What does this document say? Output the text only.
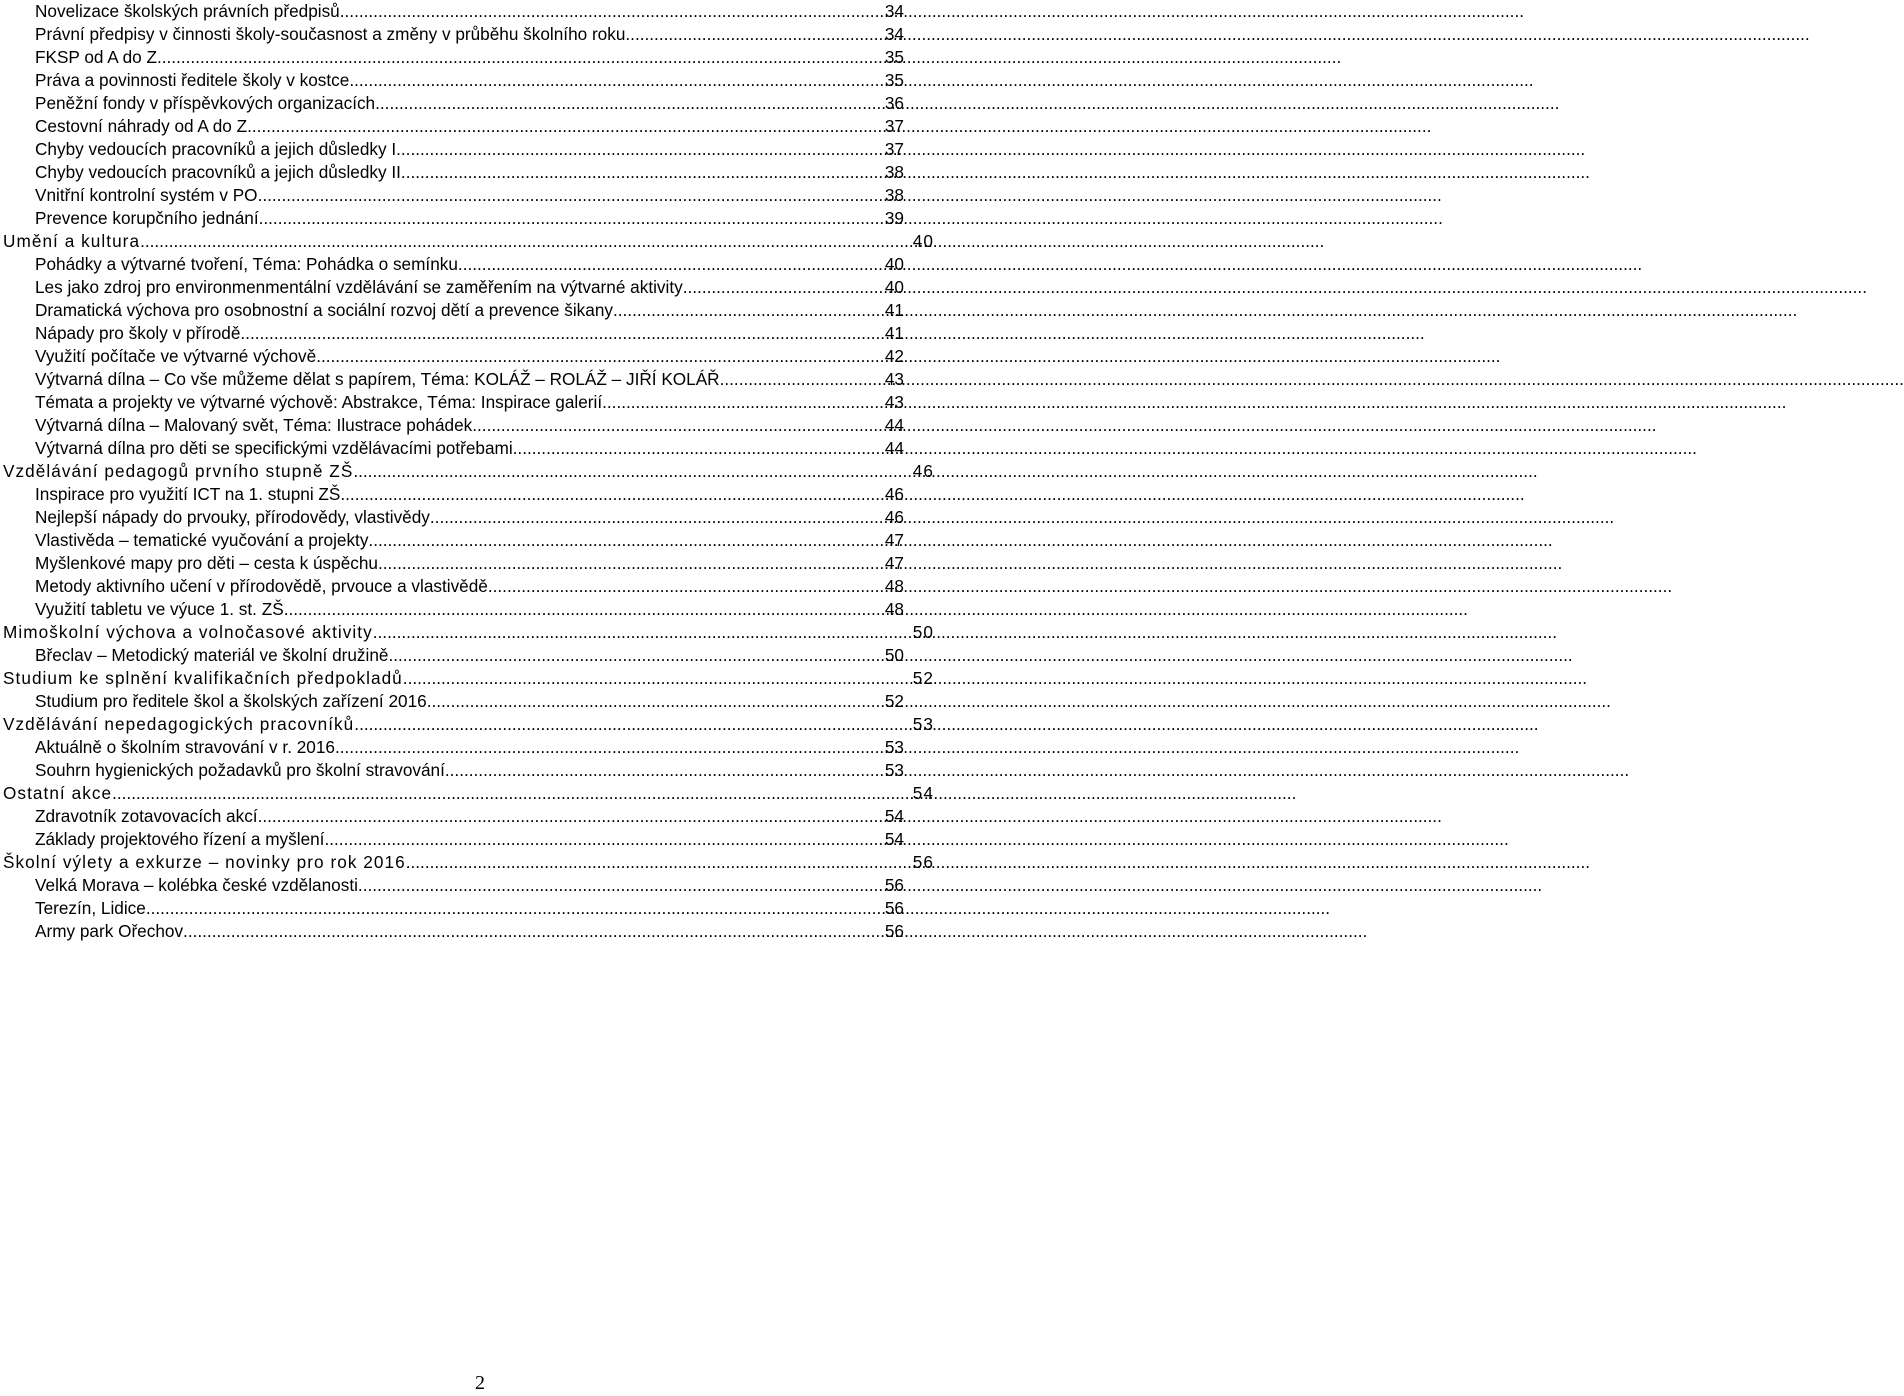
Novelizace školských právních předpisů .....	34
Právní předpisy v činnosti školy-současnost a změny v průběhu školního roku .....	34
FKSP od A do Z .....	35
Práva a povinnosti ředitele školy v kostce .....	35
Peněžní fondy v příspěvkových organizacích .....	36
Cestovní náhrady od A do Z .....	37
Chyby vedoucích pracovníků a jejich důsledky I. .....	37
Chyby vedoucích pracovníků a jejich důsledky II. .....	38
Vnitřní kontrolní systém v PO .....	38
Prevence korupčního jednání .....	39
Umění a kultura .....	40
Pohádky a výtvarné tvoření, Téma: Pohádka o semínku .....	40
Les jako zdroj pro environmenmentální vzdělávání se zaměřením na výtvarné aktivity .....	40
Dramatická výchova pro osobnostní a sociální rozvoj dětí a prevence šikany .....	41
Nápady pro školy v přírodě .....	41
Využití počítače ve výtvarné výchově .....	42
Výtvarná dílna – Co vše můžeme dělat s papírem, Téma: KOLÁŽ – ROLÁŽ – JIŘÍ KOLÁŘ .....	43
Témata a projekty ve výtvarné výchově: Abstrakce, Téma: Inspirace galerií .....	43
Výtvarná dílna – Malovaný svět, Téma: Ilustrace pohádek .....	44
Výtvarná dílna pro děti se specifickými vzdělávacími potřebami .....	44
Vzdělávání pedagogů prvního stupně ZŠ .....	46
Inspirace pro využití ICT na 1. stupni ZŠ .....	46
Nejlepší nápady do prvouky, přírodovědy, vlastivědy .....	46
Vlastivěda – tematické vyučování a projekty .....	47
Myšlenkové mapy pro děti – cesta k úspěchu .....	47
Metody aktivního učení v přírodovědě, prvouce a vlastivědě .....	48
Využití tabletu ve výuce 1. st. ZŠ .....	48
Mimoškolní výchova a volnočasové aktivity .....	50
Břeclav – Metodický materiál ve školní družině .....	50
Studium ke splnění kvalifikačních předpokladů .....	52
Studium pro ředitele škol a školských zařízení 2016 .....	52
Vzdělávání nepedagogických pracovníků .....	53
Aktuálně o školním stravování v r. 2016 .....	53
Souhrn hygienických požadavků pro školní stravování .....	53
Ostatní akce .....	54
Zdravotník zotavovacích akcí .....	54
Základy projektového řízení a myšlení .....	54
Školní výlety a exkurze – novinky pro rok 2016 .....	56
Velká Morava – kolébka české vzdělanosti .....	56
Terezín, Lidice .....	56
Army park Ořechov .....	56
2
